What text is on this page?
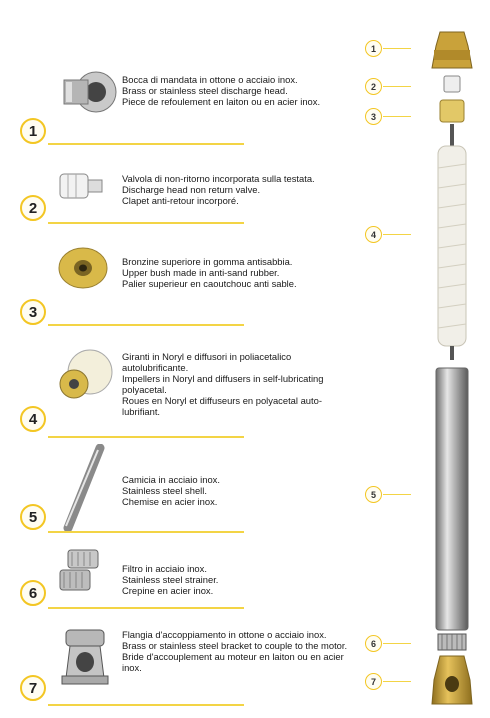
Bocca di mandata in ottone o acciaio inox.
Brass or stainless steel discharge head.
Piece de refoulement en laiton ou en acier inox.
1
Valvola di non-ritorno incorporata sulla testata.
Discharge head non return valve.
Clapet anti-retour incorporé.
2
Bronzine superiore in gomma antisabbia.
Upper bush made in anti-sand rubber.
Palier superieur en caoutchouc anti sable.
3
Giranti in Noryl e diffusori in poliacetalico autolubrificante.
Impellers in Noryl and diffusers in self-lubricating polyacetal.
Roues en Noryl et diffuseurs en polyacetal auto-lubrifiant.
4
Camicia in acciaio inox.
Stainless steel shell.
Chemise en acier inox.
5
Filtro in acciaio inox.
Stainless steel strainer.
Crepine en acier inox.
6
Flangia d'accoppiamento in ottone o acciaio inox.
Brass or stainless steel bracket to couple to the motor.
Bride d'accouplement au moteur en laiton ou en acier inox.
7
1
2
3
4
5
6
7
